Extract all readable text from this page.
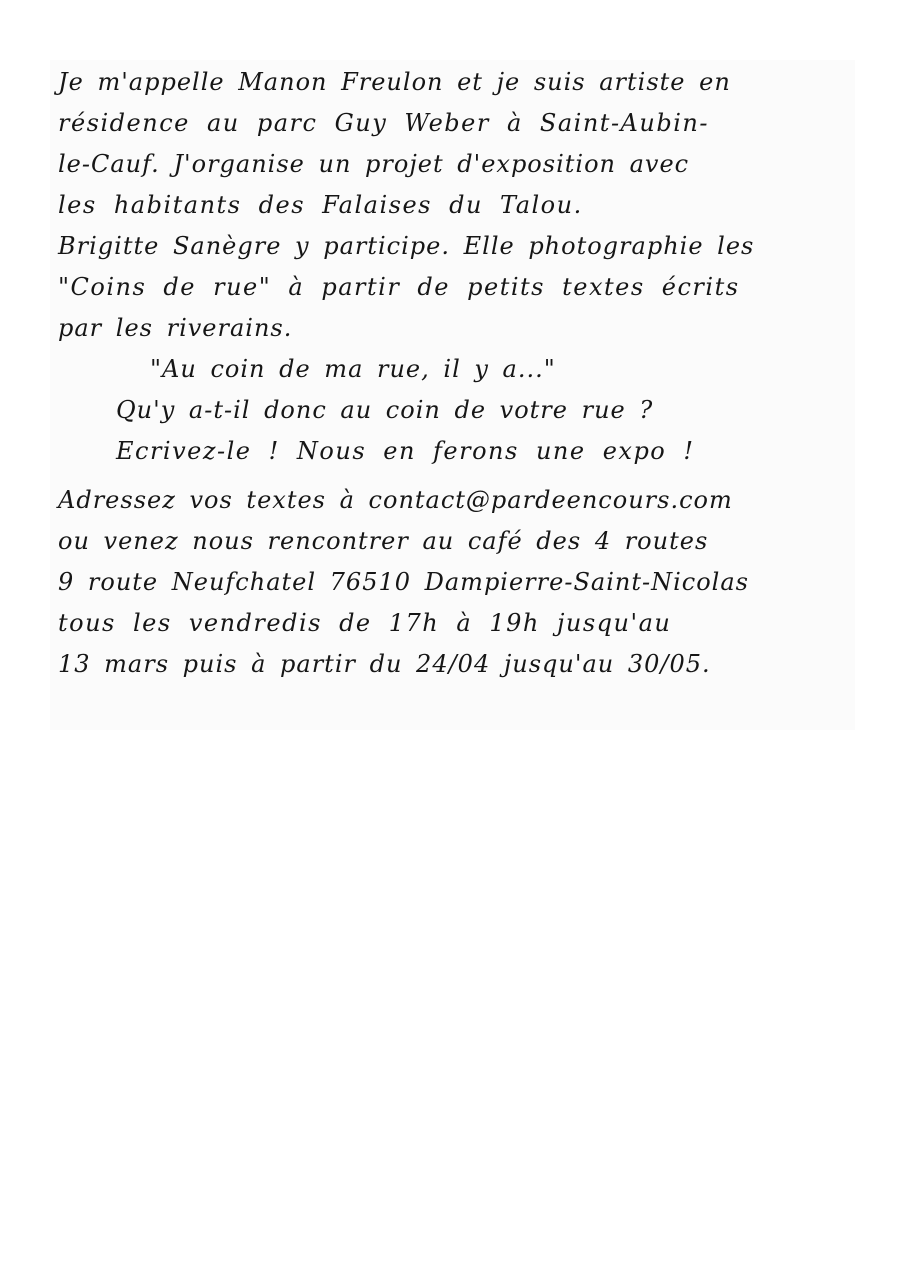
Je m'appelle Manon Freulon et je suis artiste en
résidence au parc Guy Weber à Saint-Aubin-
le-Cauf. J'organise un projet d'exposition avec
les habitants des Falaises du Talou.
Brigitte Sanègre y participe. Elle photographie les
"Coins de rue" à partir de petits textes écrits
par les riverains.
"Au coin de ma rue, il y a..."
Qu'y a-t-il donc au coin de votre rue ?
Ecrivez-le ! Nous en ferons une expo !
Adressez vos textes à contact@pardeencours.com
ou venez nous rencontrer au café des 4 routes
9 route Neufchatel 76510 Dampierre-Saint-Nicolas
tous les vendredis de 17h à 19h jusqu'au
13 mars puis à partir du 24/04 jusqu'au 30/05.
